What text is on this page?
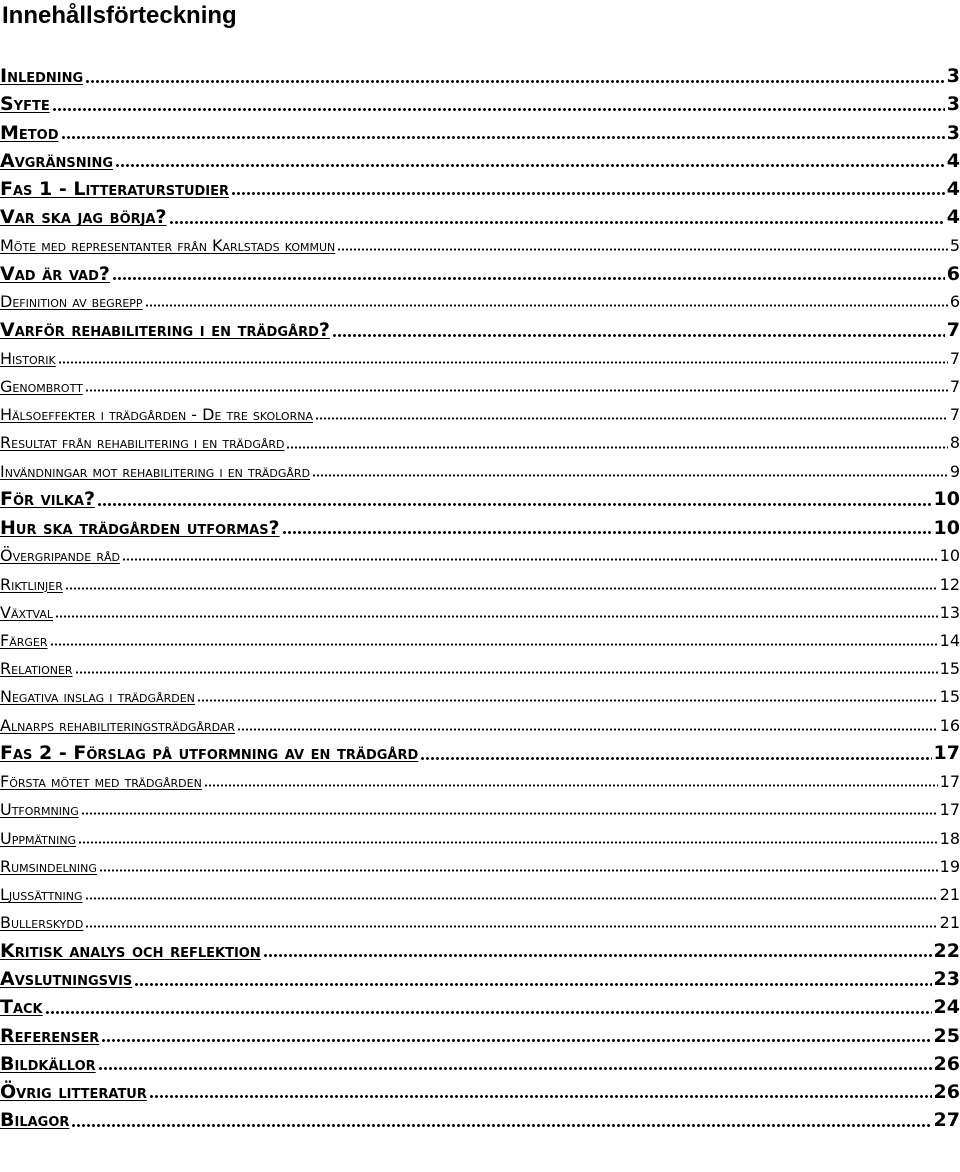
Innehållsförteckning
Inledning	3
Syfte	3
Metod	3
Avgränsning	4
Fas 1 - Litteraturstudier	4
Var ska jag börja?	4
Möte med representanter från Karlstads kommun	5
Vad är vad?	6
Definition av begrepp	6
Varför rehabilitering i en trädgård?	7
Historik	7
Genombrott	7
Hälsoeffekter i trädgården - De tre skolorna	7
Resultat från rehabilitering i en trädgård	8
Invändningar mot rehabilitering i en trädgård	9
För vilka?	10
Hur ska trädgården utformas?	10
Övergripande råd	10
Riktlinjer	12
Växtval	13
Färger	14
Relationer	15
Negativa inslag i trädgården	15
Alnarps rehabiliteringsträdgårdar	16
Fas 2 - Förslag på utformning av en trädgård	17
Första mötet med trädgården	17
Utformning	17
Uppmätning	18
Rumsindelning	19
Ljussättning	21
Bullerskydd	21
Kritisk analys och reflektion	22
Avslutningsvis	23
Tack	24
Referenser	25
Bildkällor	26
Övrig litteratur	26
Bilagor	27
